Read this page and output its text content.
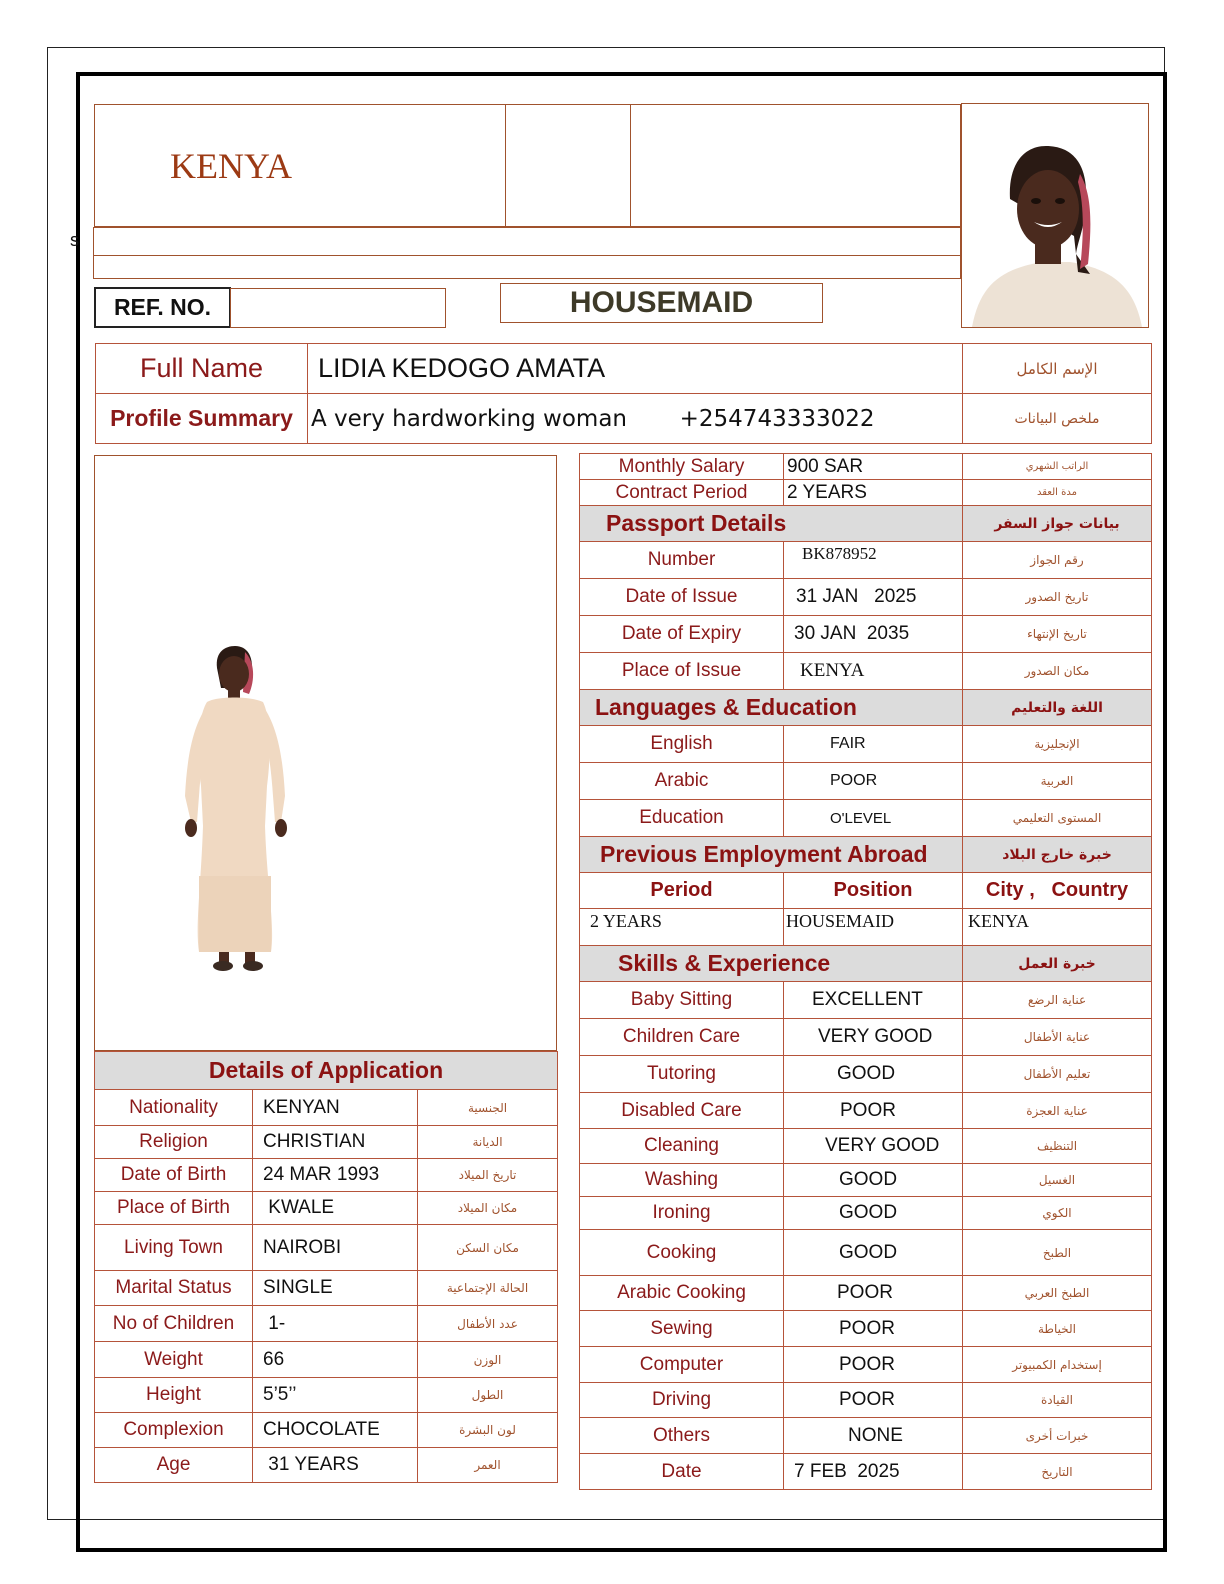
s
KENYA
REF. NO.	HOUSEMAID
Full Name	LIDIA KEDOGO AMATA	الإسم الكامل
Profile Summary	A very hardworking woman +254743333022	ملخص البيانات
Details of Application		
Nationality	KENYAN	الجنسية
Religion	CHRISTIAN	الديانة
Date of Birth	24 MAR 1993	تاريخ الميلاد
Place of Birth	KWALE	مكان الميلاد
Living Town	NAIROBI	مكان السكن
Marital Status	SINGLE	الحالة الإجتماعية
No of Children	1-	عدد الأطفال
Weight	66	الوزن
Height	5’5’’	الطول
Complexion	CHOCOLATE	لون البشرة
Age	31 YEARS	العمر
Monthly Salary	900 SAR	الراتب الشهري
Contract Period	2 YEARS	مدة العقد
Passport Details		بيانات جواز السفر
Number	BK878952	رقم الجواز
Date of Issue	31 JAN   2025	تاريخ الصدور
Date of Expiry	30 JAN  2035	تاريخ الإنتهاء
Place of Issue	KENYA	مكان الصدور
Languages & Education		اللغة والتعليم
English	FAIR	الإنجليزية
Arabic	POOR	العربية
Education	O'LEVEL	المستوى التعليمي
Previous Employment Abroad		خبرة خارج البلاد
Period	Position	City ,   Country
2 YEARS	HOUSEMAID	KENYA
Skills & Experience		خبرة العمل
Baby Sitting	EXCELLENT	عناية الرضع
Children Care	VERY GOOD	عناية الأطفال
Tutoring	GOOD	تعليم الأطفال
Disabled Care	POOR	عناية العجزة
Cleaning	VERY GOOD	التنظيف
Washing	GOOD	الغسيل
Ironing	GOOD	الكوي
Cooking	GOOD	الطبخ
Arabic Cooking	POOR	الطبخ العربي
Sewing	POOR	الخياطة
Computer	POOR	إستخدام الكمبيوتر
Driving	POOR	القيادة
Others	NONE	خبرات أخرى
Date	7 FEB  2025	التاريخ
